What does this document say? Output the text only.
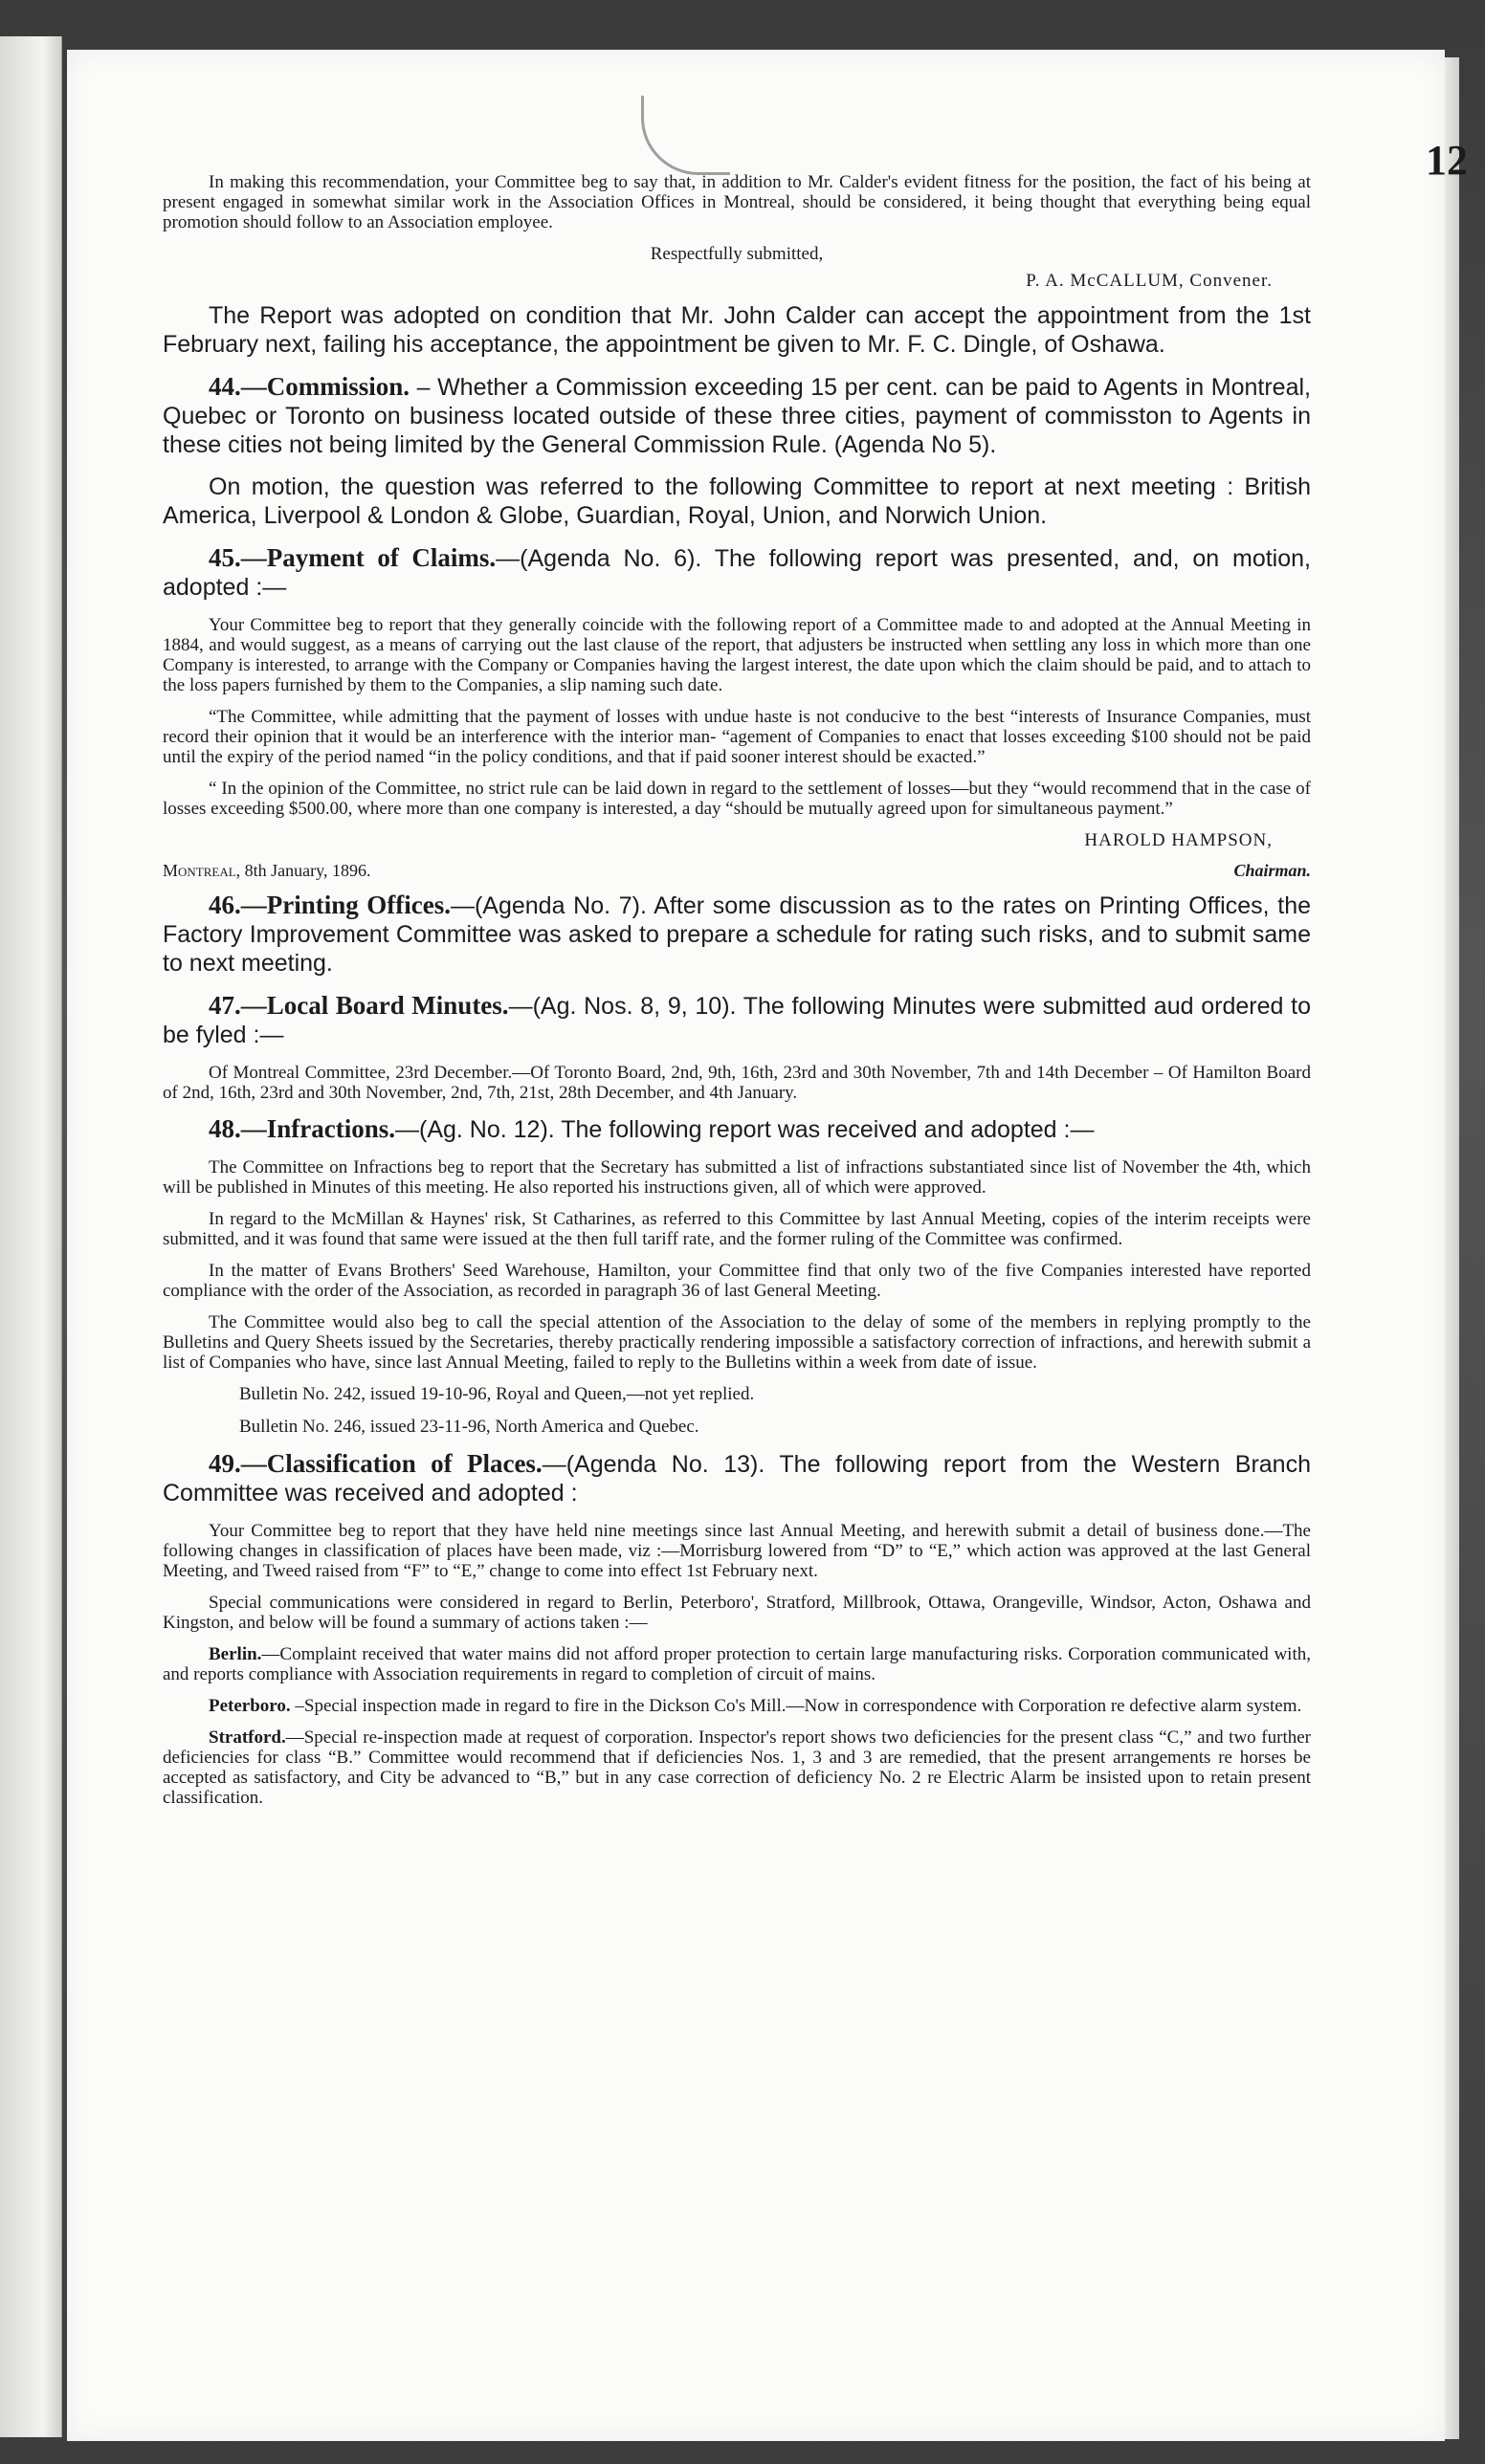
12

In making this recommendation, your Committee beg to say that, in addition to Mr. Calder's evident fitness for the position, the fact of his being at present engaged in somewhat similar work in the Association Offices in Montreal, should be considered, it being thought that everything being equal promotion should follow to an Association employee.

Respectfully submitted,

P. A. McCALLUM, Convener.

The Report was adopted on condition that Mr. John Calder can accept the appointment from the 1st February next, failing his acceptance, the appointment be given to Mr. F. C. Dingle, of Oshawa.

44.—Commission. – Whether a Commission exceeding 15 per cent. can be paid to Agents in Montreal, Quebec or Toronto on business located outside of these three cities, payment of commisston to Agents in these cities not being limited by the General Commission Rule. (Agenda No 5).

On motion, the question was referred to the following Committee to report at next meeting : British America, Liverpool & London & Globe, Guardian, Royal, Union, and Norwich Union.

45.—Payment of Claims.—(Agenda No. 6). The following report was presented, and, on motion, adopted :—

Your Committee beg to report that they generally coincide with the following report of a Committee made to and adopted at the Annual Meeting in 1884, and would suggest, as a means of carrying out the last clause of the report, that adjusters be instructed when settling any loss in which more than one Company is interested, to arrange with the Company or Companies having the largest interest, the date upon which the claim should be paid, and to attach to the loss papers furnished by them to the Companies, a slip naming such date.

“The Committee, while admitting that the payment of losses with undue haste is not conducive to the best “interests of Insurance Companies, must record their opinion that it would be an interference with the interior man- “agement of Companies to enact that losses exceeding $100 should not be paid until the expiry of the period named “in the policy conditions, and that if paid sooner interest should be exacted.”

“ In the opinion of the Committee, no strict rule can be laid down in regard to the settlement of losses—but they “would recommend that in the case of losses exceeding $500.00, where more than one company is interested, a day “should be mutually agreed upon for simultaneous payment.”

HAROLD HAMPSON,

Montreal, 8th January, 1896.	Chairman.

46.—Printing Offices.—(Agenda No. 7). After some discussion as to the rates on Printing Offices, the Factory Improvement Committee was asked to prepare a schedule for rating such risks, and to submit same to next meeting.

47.—Local Board Minutes.—(Ag. Nos. 8, 9, 10). The following Minutes were submitted aud ordered to be fyled :—

Of Montreal Committee, 23rd December.—Of Toronto Board, 2nd, 9th, 16th, 23rd and 30th November, 7th and 14th December – Of Hamilton Board of 2nd, 16th, 23rd and 30th November, 2nd, 7th, 21st, 28th December, and 4th January.

48.—Infractions.—(Ag. No. 12). The following report was received and adopted :—

The Committee on Infractions beg to report that the Secretary has submitted a list of infractions substantiated since list of November the 4th, which will be published in Minutes of this meeting. He also reported his instructions given, all of which were approved.

In regard to the McMillan & Haynes' risk, St Catharines, as referred to this Committee by last Annual Meeting, copies of the interim receipts were submitted, and it was found that same were issued at the then full tariff rate, and the former ruling of the Committee was confirmed.

In the matter of Evans Brothers' Seed Warehouse, Hamilton, your Committee find that only two of the five Companies interested have reported compliance with the order of the Association, as recorded in paragraph 36 of last General Meeting.

The Committee would also beg to call the special attention of the Association to the delay of some of the members in replying promptly to the Bulletins and Query Sheets issued by the Secretaries, thereby practically rendering impossible a satisfactory correction of infractions, and herewith submit a list of Companies who have, since last Annual Meeting, failed to reply to the Bulletins within a week from date of issue.

Bulletin No. 242, issued 19-10-96, Royal and Queen,—not yet replied.

Bulletin No. 246, issued 23-11-96, North America and Quebec.

49.—Classification of Places.—(Agenda No. 13). The following report from the Western Branch Committee was received and adopted :

Your Committee beg to report that they have held nine meetings since last Annual Meeting, and herewith submit a detail of business done.—The following changes in classification of places have been made, viz :—Morrisburg lowered from “D” to “E,” which action was approved at the last General Meeting, and Tweed raised from “F” to “E,” change to come into effect 1st February next.

Special communications were considered in regard to Berlin, Peterboro', Stratford, Millbrook, Ottawa, Orangeville, Windsor, Acton, Oshawa and Kingston, and below will be found a summary of actions taken :—

Berlin.—Complaint received that water mains did not afford proper protection to certain large manufacturing risks. Corporation communicated with, and reports compliance with Association requirements in regard to completion of circuit of mains.

Peterboro. –Special inspection made in regard to fire in the Dickson Co's Mill.—Now in correspondence with Corporation re defective alarm system.

Stratford.—Special re-inspection made at request of corporation. Inspector's report shows two deficiencies for the present class “C,” and two further deficiencies for class “B.” Committee would recommend that if deficiencies Nos. 1, 3 and 3 are remedied, that the present arrangements re horses be accepted as satisfactory, and City be advanced to “B,” but in any case correction of deficiency No. 2 re Electric Alarm be insisted upon to retain present classification.
